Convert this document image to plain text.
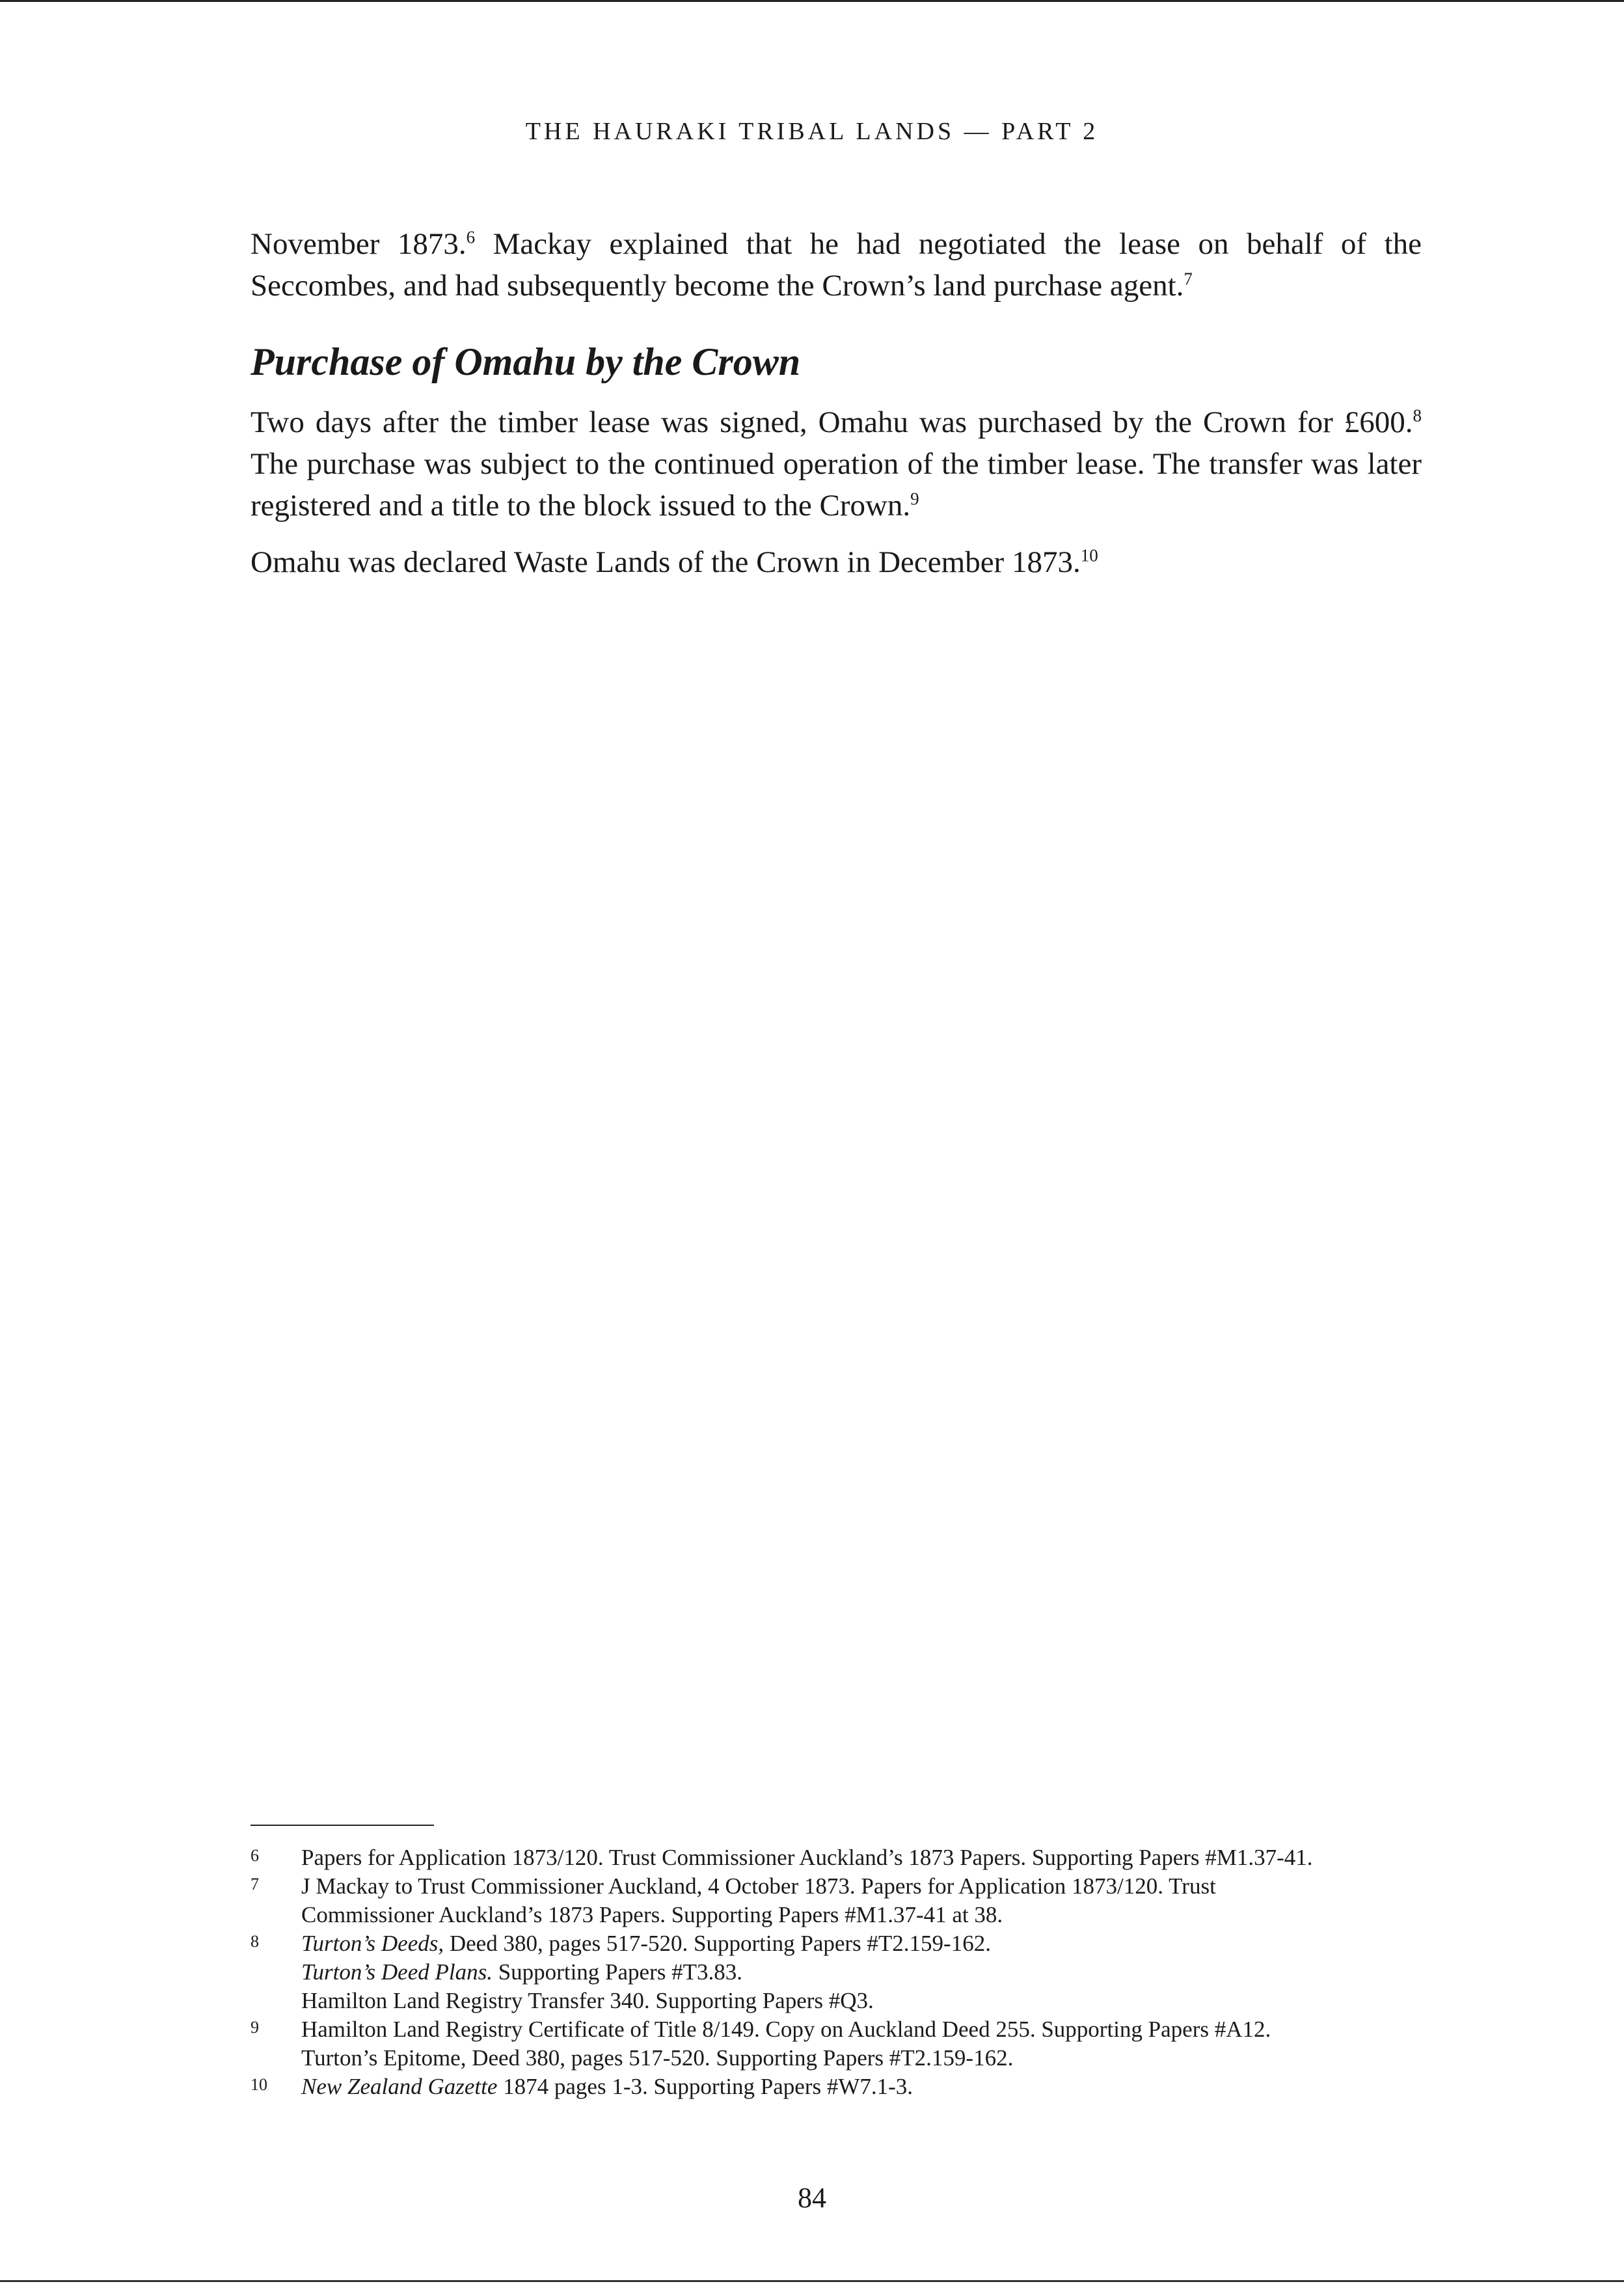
THE HAURAKI TRIBAL LANDS — PART 2

November 1873.$^6$ Mackay explained that he had negotiated the lease on behalf of the Seccombes, and had subsequently become the Crown’s land purchase agent.$^7$

Purchase of Omahu by the Crown

Two days after the timber lease was signed, Omahu was purchased by the Crown for £600.$^8$ The purchase was subject to the continued operation of the timber lease. The transfer was later registered and a title to the block issued to the Crown.$^9$

Omahu was declared Waste Lands of the Crown in December 1873.10

6	Papers for Application 1873/120. Trust Commissioner Auckland’s 1873 Papers. Supporting Papers #M1.37-41.
7	J Mackay to Trust Commissioner Auckland, 4 October 1873. Papers for Application 1873/120. Trust
Commissioner Auckland’s 1873 Papers. Supporting Papers #M1.37-41 at 38.
8	Turton’s Deeds, Deed 380, pages 517-520. Supporting Papers #T2.159-162.
Turton’s Deed Plans. Supporting Papers #T3.83.
Hamilton Land Registry Transfer 340. Supporting Papers #Q3.
9	Hamilton Land Registry Certificate of Title 8/149. Copy on Auckland Deed 255. Supporting Papers #A12.
Turton’s Epitome, Deed 380, pages 517-520. Supporting Papers #T2.159-162.
10	New Zealand Gazette 1874 pages 1-3. Supporting Papers #W7.1-3.
84
